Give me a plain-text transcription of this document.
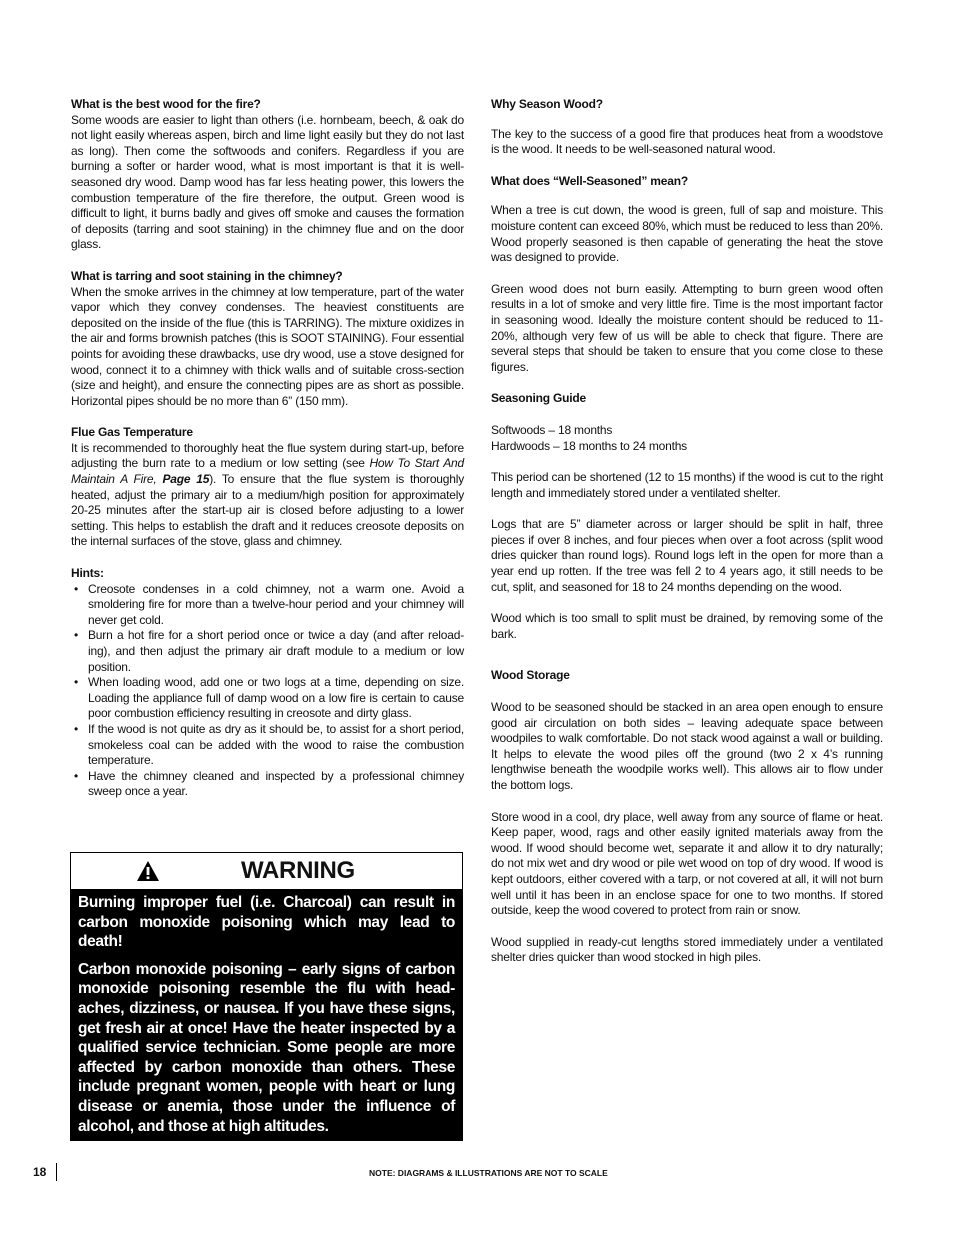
What is the best wood for the fire?

Some woods are easier to light than others (i.e. hornbeam, beech, & oak do not light easily whereas aspen, birch and lime light easily but they do not last as long). Then come the softwoods and conifers. Regardless if you are burning a softer or harder wood, what is most important is that it is well-seasoned dry wood. Damp wood has far less heating power, this lowers the combustion temperature of the fire therefore, the output. Green wood is difficult to light, it burns badly and gives off smoke and causes the formation of deposits (tarring and soot staining) in the chimney flue and on the door glass.

What is tarring and soot staining in the chimney?

When the smoke arrives in the chimney at low temperature, part of the water vapor which they convey condenses. The heaviest constituents are deposited on the inside of the flue (this is TARRING). The mixture oxidizes in the air and forms brownish patches (this is SOOT STAINING). Four essential points for avoiding these drawbacks, use dry wood, use a stove designed for wood, connect it to a chimney with thick walls and of suitable cross-section (size and height), and ensure the connecting pipes are as short as possible. Horizontal pipes should be no more than 6” (150 mm).

Flue Gas Temperature

It is recommended to thoroughly heat the flue system during start-up, before adjusting the burn rate to a medium or low setting (see How To Start And Maintain A Fire, Page 15). To ensure that the flue system is thoroughly heated, adjust the primary air to a medium/high position for approximately 20-25 minutes after the start-up air is closed before adjusting to a lower setting. This helps to establish the draft and it reduces creosote deposits on the internal surfaces of the stove, glass and chimney.

Hints:

• Creosote condenses in a cold chimney, not a warm one. Avoid a smoldering fire for more than a twelve-hour period and your chimney will never get cold.
• Burn a hot fire for a short period once or twice a day (and after reload-ing), and then adjust the primary air draft module to a medium or low position.
• When loading wood, add one or two logs at a time, depending on size. Loading the appliance full of damp wood on a low fire is certain to cause poor combustion efficiency resulting in creosote and dirty glass.
• If the wood is not quite as dry as it should be, to assist for a short period, smokeless coal can be added with the wood to raise the combustion temperature.
• Have the chimney cleaned and inspected by a professional chimney sweep once a year.
WARNING

Burning improper fuel (i.e. Charcoal) can result in carbon monoxide poisoning which may lead to death!

Carbon monoxide poisoning – early signs of carbon monoxide poisoning resemble the flu with head-aches, dizziness, or nausea. If you have these signs, get fresh air at once! Have the heater inspected by a qualified service technician. Some people are more affected by carbon monoxide than others. These include pregnant women, people with heart or lung disease or anemia, those under the influence of alcohol, and those at high altitudes.

Why Season Wood?

The key to the success of a good fire that produces heat from a woodstove is the wood. It needs to be well-seasoned natural wood.

What does “Well-Seasoned” mean?

When a tree is cut down, the wood is green, full of sap and moisture. This moisture content can exceed 80%, which must be reduced to less than 20%. Wood properly seasoned is then capable of generating the heat the stove was designed to provide.

Green wood does not burn easily. Attempting to burn green wood often results in a lot of smoke and very little fire. Time is the most important factor in seasoning wood. Ideally the moisture content should be reduced to 11-20%, although very few of us will be able to check that figure. There are several steps that should be taken to ensure that you come close to these figures.

Seasoning Guide

Softwoods – 18 months

Hardwoods – 18 months to 24 months

This period can be shortened (12 to 15 months) if the wood is cut to the right length and immediately stored under a ventilated shelter.

Logs that are 5” diameter across or larger should be split in half, three pieces if over 8 inches, and four pieces when over a foot across (split wood dries quicker than round logs). Round logs left in the open for more than a year end up rotten. If the tree was fell 2 to 4 years ago, it still needs to be cut, split, and seasoned for 18 to 24 months depending on the wood.

Wood which is too small to split must be drained, by removing some of the bark.

Wood Storage

Wood to be seasoned should be stacked in an area open enough to ensure good air circulation on both sides – leaving adequate space between woodpiles to walk comfortable. Do not stack wood against a wall or building. It helps to elevate the wood piles off the ground (two 2 x 4’s running lengthwise beneath the woodpile works well). This allows air to flow under the bottom logs.

Store wood in a cool, dry place, well away from any source of flame or heat. Keep paper, wood, rags and other easily ignited materials away from the wood. If wood should become wet, separate it and allow it to dry naturally; do not mix wet and dry wood or pile wet wood on top of dry wood. If wood is kept outdoors, either covered with a tarp, or not covered at all, it will not burn well until it has been in an enclose space for one to two months. If stored outside, keep the wood covered to protect from rain or snow.

Wood supplied in ready-cut lengths stored immediately under a ventilated shelter dries quicker than wood stocked in high piles.

18	NOTE: DIAGRAMS & ILLUSTRATIONS ARE NOT TO SCALE
